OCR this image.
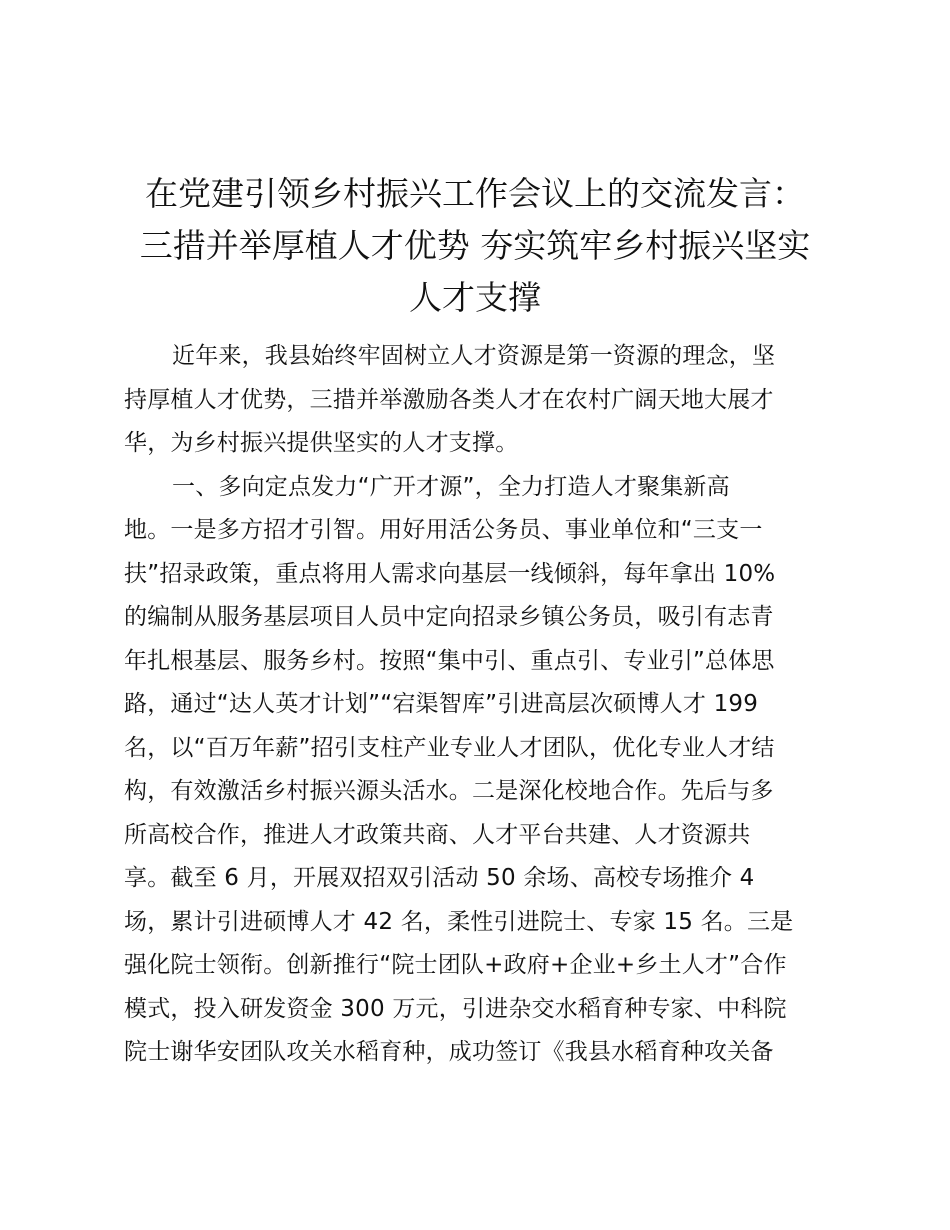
在党建引领乡村振兴工作会议上的交流发言：
三措并举厚植人才优势 夯实筑牢乡村振兴坚实
人才支撑
近年来，我县始终牢固树立人才资源是第一资源的理念，坚
持厚植人才优势，三措并举激励各类人才在农村广阔天地大展才
华，为乡村振兴提供坚实的人才支撑。
一、多向定点发力“广开才源”，全力打造人才聚集新高
地。一是多方招才引智。用好用活公务员、事业单位和“三支一
扶”招录政策，重点将用人需求向基层一线倾斜，每年拿出 10%
的编制从服务基层项目人员中定向招录乡镇公务员，吸引有志青
年扎根基层、服务乡村。按照“集中引、重点引、专业引”总体思
路，通过“达人英才计划”“宕渠智库”引进高层次硕博人才 199
名，以“百万年薪”招引支柱产业专业人才团队，优化专业人才结
构，有效激活乡村振兴源头活水。二是深化校地合作。先后与多
所高校合作，推进人才政策共商、人才平台共建、人才资源共
享。截至 6 月，开展双招双引活动 50 余场、高校专场推介 4
场，累计引进硕博人才 42 名，柔性引进院士、专家 15 名。三是
强化院士领衔。创新推行“院士团队+政府+企业+乡土人才”合作
模式，投入研发资金 300 万元，引进杂交水稻育种专家、中科院
院士谢华安团队攻关水稻育种，成功签订《我县水稻育种攻关备
